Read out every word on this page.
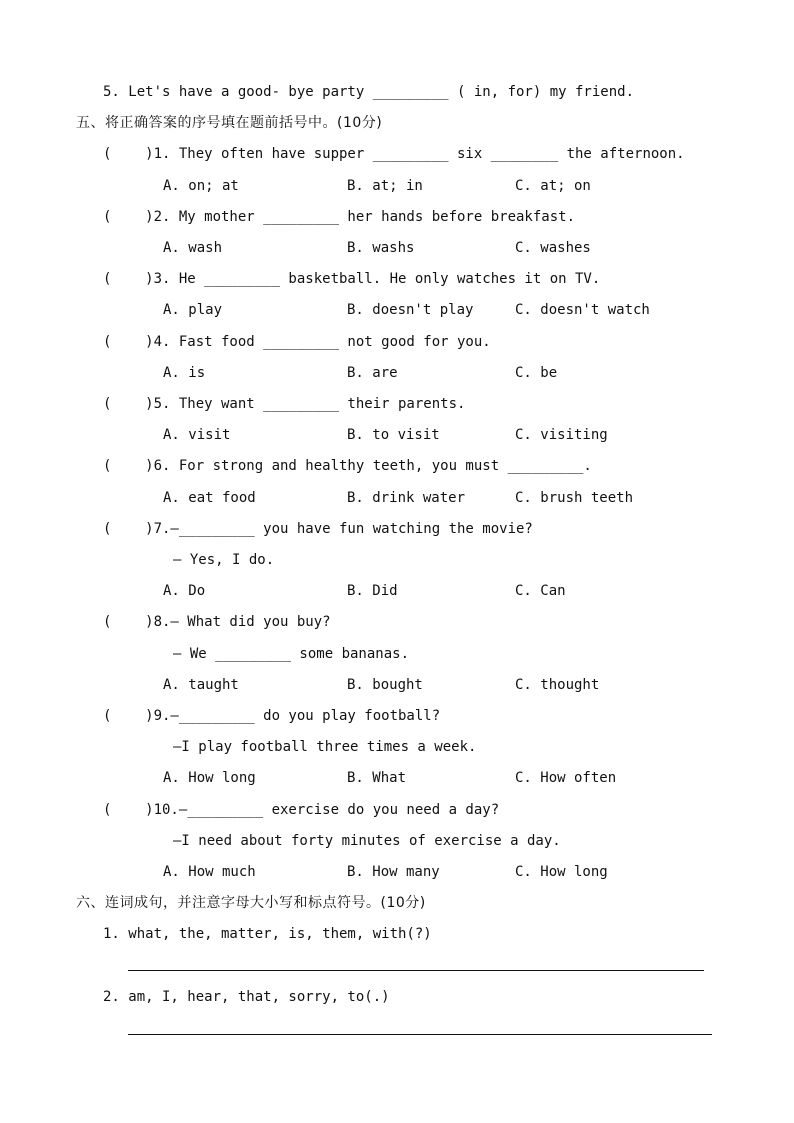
5. Let's have a good- bye party _________ ( in, for) my friend.
五、将正确答案的序号填在题前括号中。(10分)
(    )1. They often have supper _________ six ________ the afternoon.
A. on; at	B. at; in	C. at; on
(    )2. My mother _________ her hands before breakfast.
A. wash	B. washs	C. washes
(    )3. He _________ basketball. He only watches it on TV.
A. play	B. doesn't play	C. doesn't watch
(    )4. Fast food _________ not good for you.
A. is	B. are	C. be
(    )5. They want _________ their parents.
A. visit	B. to visit	C. visiting
(    )6. For strong and healthy teeth, you must _________.
A. eat food	B. drink water	C. brush teeth
(    )7.—_________ you have fun watching the movie?
— Yes, I do.
A. Do	B. Did	C. Can
(    )8.— What did you buy?
— We _________ some bananas.
A. taught	B. bought	C. thought
(    )9.—_________ do you play football?
—I play football three times a week.
A. How long	B. What	C. How often
(    )10.—_________ exercise do you need a day?
—I need about forty minutes of exercise a day.
A. How much	B. How many	C. How long
六、连词成句，并注意字母大小写和标点符号。(10分)
1. what, the, matter, is, them, with(?)
2. am, I, hear, that, sorry, to(.)
